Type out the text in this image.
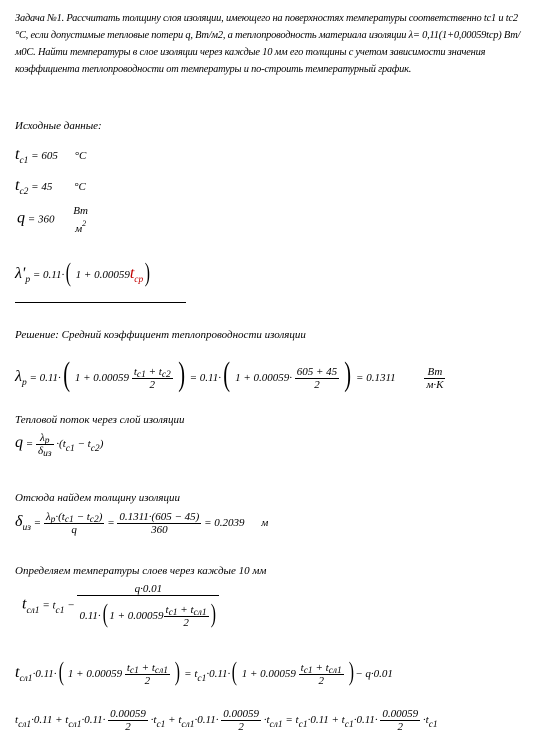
Задача №1. Рассчитать толщину слоя изоляции, имеющего на поверхностях температуры соответственно tc1 и tc2 °С, если допустимые тепловые потери q, Вт/м2, а теплопроводность материала изоляции λ= 0,11(1+0,00059tср) Вт/м0С. Найти температуры в слое изоляции через каждые 10 мм его толщины с учетом зависимости значения коэффициента теплопроводности от температуры и по-строить температурный график.
Исходные данные:
tc1 = 605 °C
tc2 = 45 °C
q = 360
Вт
$м^2$
λ'p = 0.11·( 1 + 0.00059tcp)
Решение: Средний коэффициент теплопроводности изоляции
λp = 0.11·( $1 + 0.00059 \frac{tc1 + tc2}{2}$ ) = 0.11·( $1 + 0.00059\cdot \frac{605 + 45}{2}$ ) = 0.1311	$\frac{Вт}{м\cdot К}$
Тепловой поток через слой изоляции
$q = \frac{\lambda p}{\text{δиз}} \cdot(tc1 - tc2)$
Отсюда найдем толщину изоляции
$\delta из = \frac{\lambda p\cdot(tc1 - tc2)}{q} = \frac{0.1311\cdot(605 - 45)}{360} = 0.2039$ м
Определяем температуры слоев через каждые 10 мм
$tсл1 = tc1 - \frac{q\cdot 0.01}{0.11\cdot( 1 + 0.00059 \frac{\text{tc1 + tсл1}}{2} )}$
tсл1·0.11·( $1 + 0.00059 \frac{\text{tc1 + tсл1}}{2}$ ) = tc1·0.11·( $1 + 0.00059 \frac{\text{tc1 + tсл1}}{2}$ ) − q·0.01
$tсл1\cdot 0.11 + tсл1\cdot 0.11\cdot \frac{0.00059}{2} \cdot tc1 + tсл1\cdot 0.11\cdot \frac{0.00059}{2} \cdot tсл1 = tc1\cdot 0.11 + tc1\cdot 0.11\cdot \frac{0.00059}{2} \cdot tc1$
